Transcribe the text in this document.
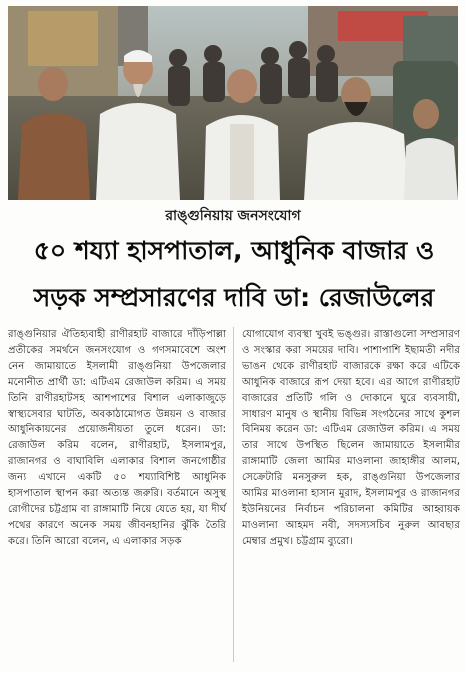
রাঙ্গুনিয়ায় জনসংযোগ
৫০ শয্যা হাসপাতাল, আধুনিক বাজার ও
সড়ক সম্প্রসারণের দাবি ডা: রেজাউলের

রাঙ্গুনিয়ার ঐতিহ্যবাহী রাণীরহাট বাজারে দাঁড়িপাল্লা প্রতীকের সমর্থনে জনসংযোগ ও গণসমাবেশে অংশ নেন জামায়াতে ইসলামী রাঙ্গুনিয়া উপজেলার মনোনীত প্রার্থী ডা: এটিএম রেজাউল করিম। এ সময় তিনি রাণীরহাটসহ আশপাশের বিশাল এলাকাজুড়ে স্বাস্থ্যসেবার ঘাটতি, অবকাঠামোগত উন্নয়ন ও বাজার আধুনিকায়নের প্রয়োজনীয়তা তুলে ধরেন। ডা: রেজাউল করিম বলেন, রাণীরহাট, ইসলামপুর, রাজানগর ও বাঘাবিলি এলাকার বিশাল জনগোষ্ঠীর জন্য এখানে একটি ৫০ শয্যাবিশিষ্ট আধুনিক হাসপাতাল স্থাপন করা অত্যন্ত জরুরি। বর্তমানে অসুস্থ রোগীদের চট্টগ্রাম বা রাঙ্গামাটি নিয়ে যেতে হয়, যা দীর্ঘ পথের কারণে অনেক সময় জীবনহানির ঝুঁকি তৈরি করে। তিনি আরো বলেন, এ এলাকার সড়ক

যোগাযোগ ব্যবস্থা খুবই ভঙ্গুর। রাস্তাগুলো সম্প্রসারণ ও সংস্কার করা সময়ের দাবি। পাশাপাশি ইছামতী নদীর ভাঙন থেকে রাণীরহাট বাজারকে রক্ষা করে এটিকে আধুনিক বাজারে রূপ দেয়া হবে। এর আগে রাণীরহাট বাজারের প্রতিটি গলি ও দোকানে ঘুরে ব্যবসায়ী, সাধারণ মানুষ ও স্থানীয় বিভিন্ন সংগঠনের সাথে কুশল বিনিময় করেন ডা: এটিএম রেজাউল করিম। এ সময় তার সাথে উপস্থিত ছিলেন জামায়াতে ইসলামীর রাঙ্গামাটি জেলা আমির মাওলানা জাহাঙ্গীর আলম, সেক্রেটারি মনসুরুল হক, রাঙ্গুনিয়া উপজেলার আমির মাওলানা হাসান মুরাদ, ইসলামপুর ও রাজানগর ইউনিয়নের নির্বাচন পরিচালনা কমিটির আহ্বায়ক মাওলানা আহমদ নবী, সদস্যসচিব নুরুল আবছার মেম্বার প্রমুখ। চট্টগ্রাম ব্যুরো।
